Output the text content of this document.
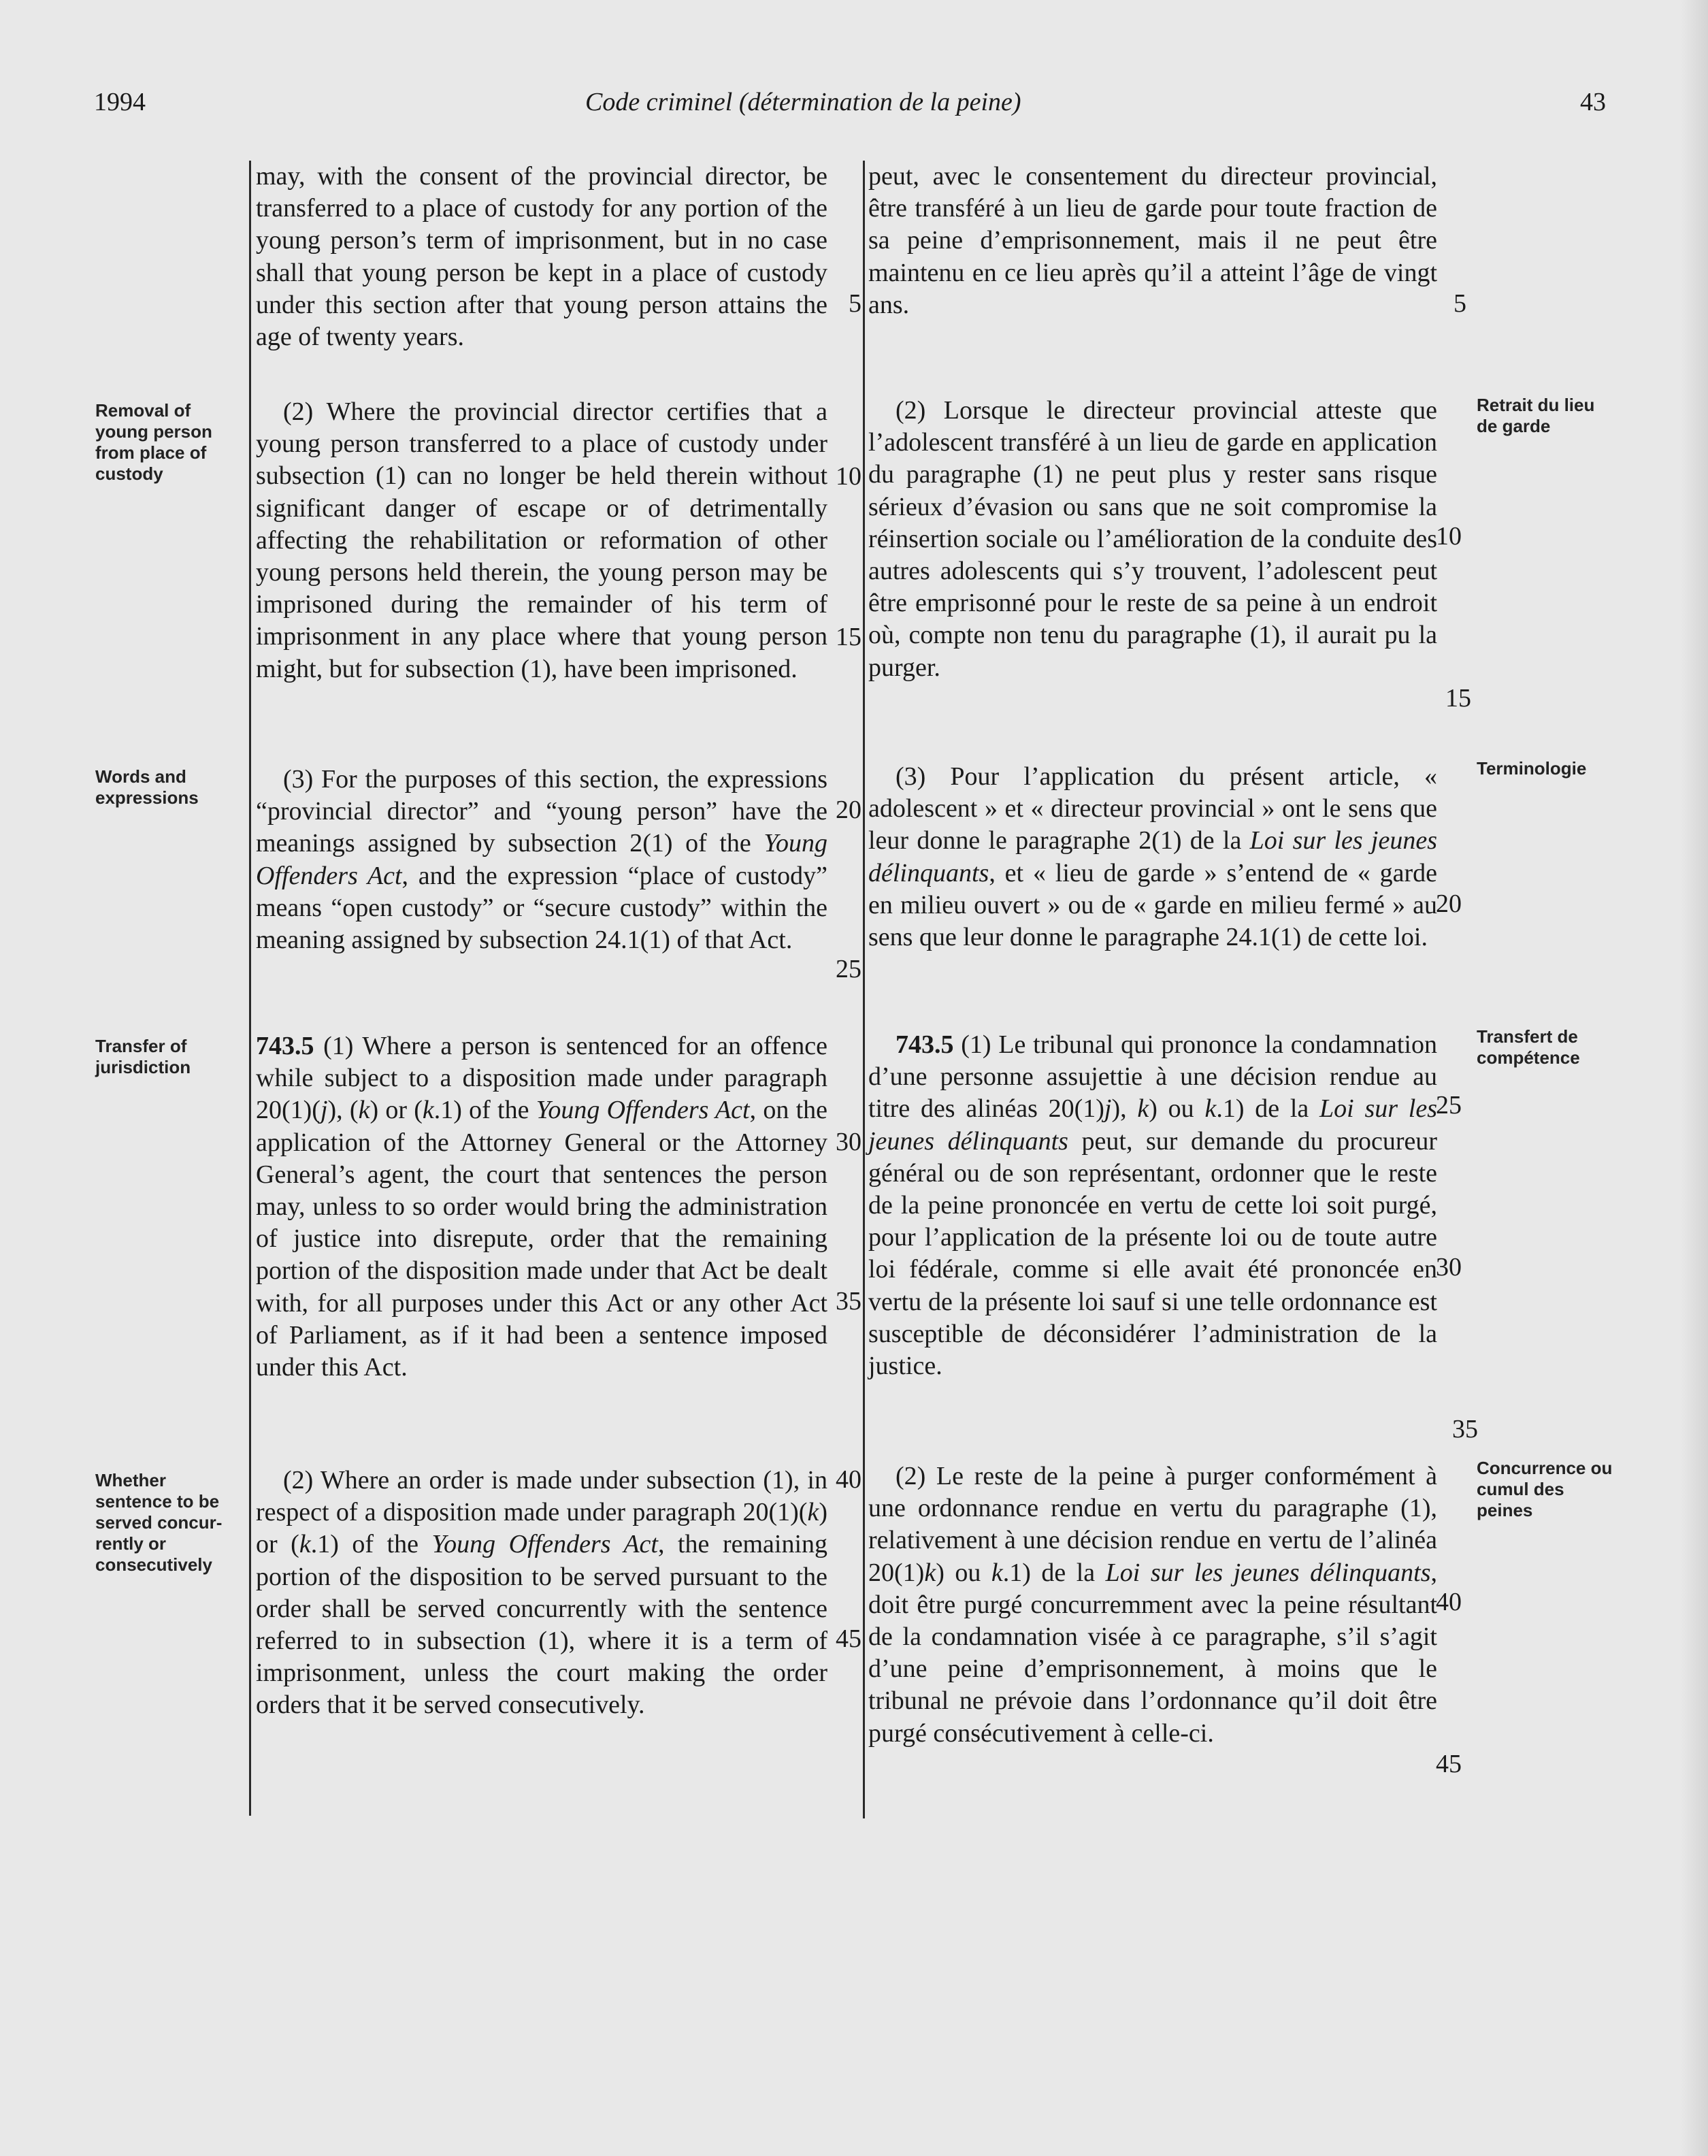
1994	Code criminel (détermination de la peine)	43
Removal of young person from place of custody
Words and expressions
Transfer of jurisdiction
Whether sentence to be served concur-rently or consecutively
Retrait du lieu de garde
Terminologie
Transfert de compétence
Concurrence ou cumul des peines

may, with the consent of the provincial director, be transferred to a place of custody for any portion of the young person’s term of imprisonment, but in no case shall that young person be kept in a place of custody under this section after that young person attains the age of twenty years.

(2) Where the provincial director certifies that a young person transferred to a place of custody under subsection (1) can no longer be held therein without significant danger of escape or of detrimentally affecting the rehabilitation or reformation of other young persons held therein, the young person may be imprisoned during the remainder of his term of imprisonment in any place where that young person might, but for subsection (1), have been imprisoned.

(3) For the purposes of this section, the expressions “provincial director” and “young person” have the meanings assigned by subsection 2(1) of the Young Offenders Act, and the expression “place of custody” means “open custody” or “secure custody” within the meaning assigned by subsection 24.1(1) of that Act.

743.5 (1) Where a person is sentenced for an offence while subject to a disposition made under paragraph 20(1)(j), (k) or (k.1) of the Young Offenders Act, on the application of the Attorney General or the Attorney General’s agent, the court that sentences the person may, unless to so order would bring the administration of justice into disrepute, order that the remaining portion of the disposition made under that Act be dealt with, for all purposes under this Act or any other Act of Parliament, as if it had been a sentence imposed under this Act.

(2) Where an order is made under subsection (1), in respect of a disposition made under paragraph 20(1)(k) or (k.1) of the Young Offenders Act, the remaining portion of the disposition to be served pursuant to the order shall be served concurrently with the sentence referred to in subsection (1), where it is a term of imprisonment, unless the court making the order orders that it be served consecutively.

peut, avec le consentement du directeur provincial, être transféré à un lieu de garde pour toute fraction de sa peine d’emprisonnement, mais il ne peut être maintenu en ce lieu après qu’il a atteint l’âge de vingt ans.

(2) Lorsque le directeur provincial atteste que l’adolescent transféré à un lieu de garde en application du paragraphe (1) ne peut plus y rester sans risque sérieux d’évasion ou sans que ne soit compromise la réinsertion sociale ou l’amélioration de la conduite des autres adolescents qui s’y trouvent, l’adolescent peut être emprisonné pour le reste de sa peine à un endroit où, compte non tenu du paragraphe (1), il aurait pu la purger.

(3) Pour l’application du présent article, « adolescent » et « directeur provincial » ont le sens que leur donne le paragraphe 2(1) de la Loi sur les jeunes délinquants, et « lieu de garde » s’entend de « garde en milieu ouvert » ou de « garde en milieu fermé » au sens que leur donne le paragraphe 24.1(1) de cette loi.

743.5 (1) Le tribunal qui prononce la condamnation d’une personne assujettie à une décision rendue au titre des alinéas 20(1)j), k) ou k.1) de la Loi sur les jeunes délinquants peut, sur demande du procureur général ou de son représentant, ordonner que le reste de la peine prononcée en vertu de cette loi soit purgé, pour l’application de la présente loi ou de toute autre loi fédérale, comme si elle avait été prononcée en vertu de la présente loi sauf si une telle ordonnance est susceptible de déconsidérer l’administration de la justice.

(2) Le reste de la peine à purger conformément à une ordonnance rendue en vertu du paragraphe (1), relativement à une décision rendue en vertu de l’alinéa 20(1)k) ou k.1) de la Loi sur les jeunes délinquants, doit être purgé concurremment avec la peine résultant de la condamnation visée à ce paragraphe, s’il s’agit d’une peine d’emprisonnement, à moins que le tribunal ne prévoie dans l’ordonnance qu’il doit être purgé consécutivement à celle-ci.

5
10
15
20
25
30
35
40
45
5
10
15
20
25
30
35
40
45
